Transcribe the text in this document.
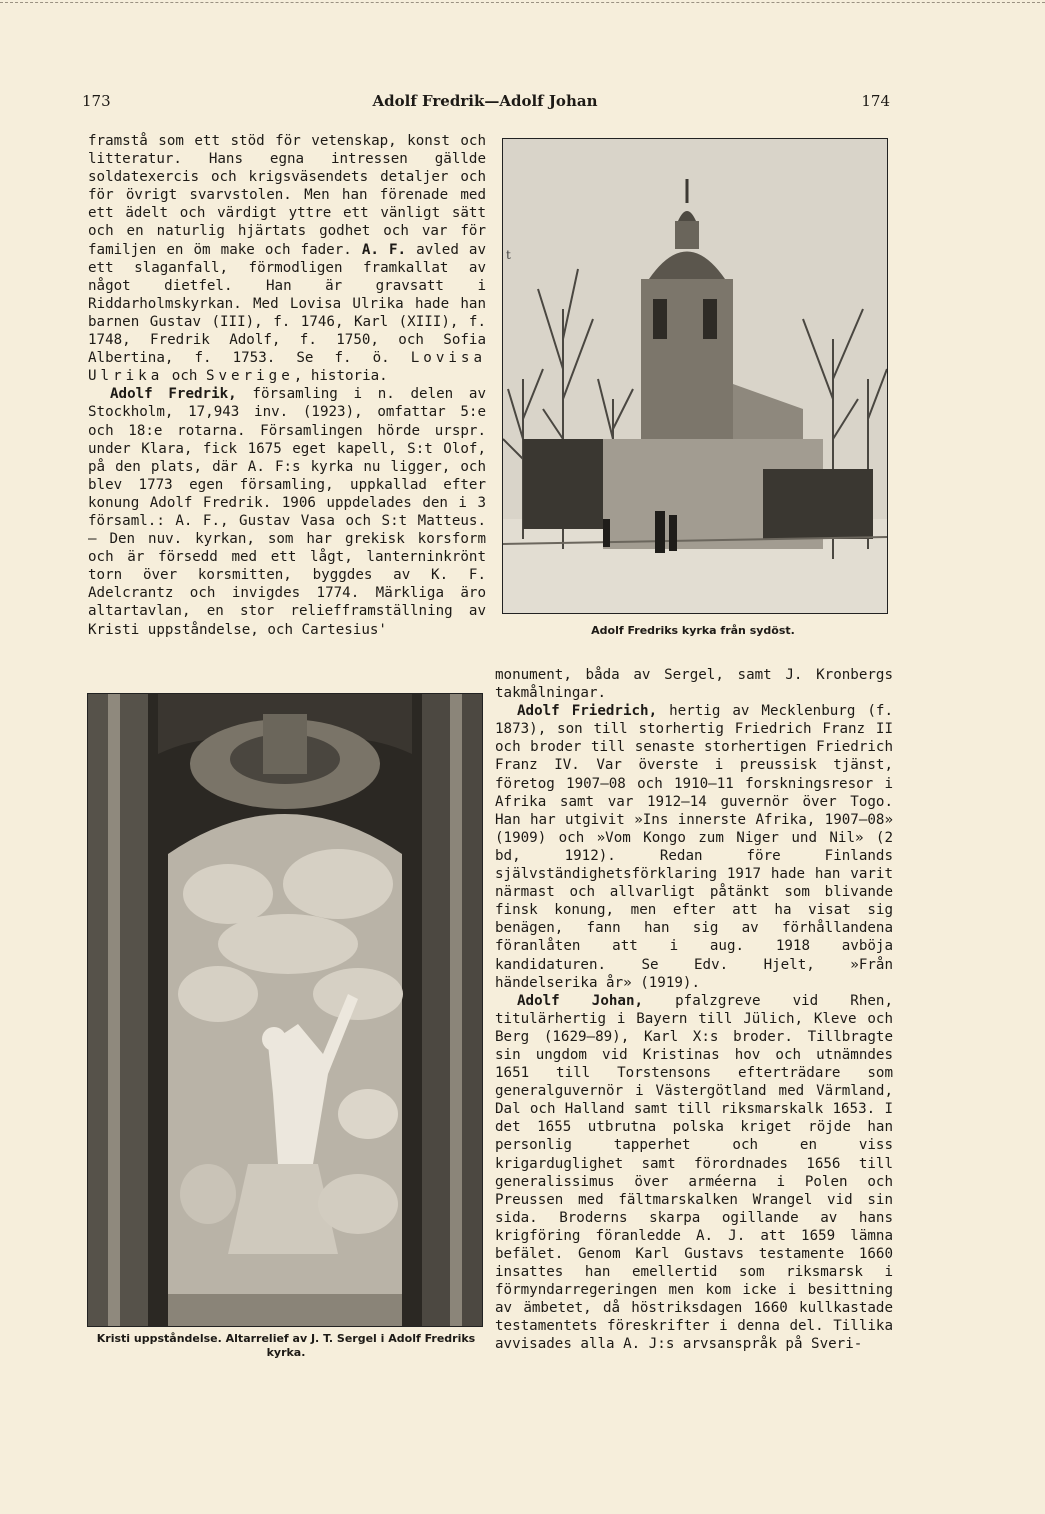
173	Adolf Fredrik—Adolf Johan	174

framstå som ett stöd för vetenskap, konst och litteratur. Hans egna intressen gällde soldatexercis och krigsväsendets detaljer och för övrigt svarvstolen. Men han förenade med ett ädelt och värdigt yttre ett vänligt sätt och en naturlig hjärtats godhet och var för familjen en öm make och fader. A. F. avled av ett slaganfall, förmodligen framkallat av något dietfel. Han är gravsatt i Riddarholmskyrkan. Med Lovisa Ulrika hade han barnen Gustav (III), f. 1746, Karl (XIII), f. 1748, Fredrik Adolf, f. 1750, och Sofia Albertina, f. 1753. Se f. ö. Lovisa Ulrika och Sverige, historia.

Adolf Fredrik, församling i n. delen av Stockholm, 17,943 inv. (1923), omfattar 5:e och 18:e rotarna. Församlingen hörde urspr. under Klara, fick 1675 eget kapell, S:t Olof, på den plats, där A. F:s kyrka nu ligger, och blev 1773 egen församling, uppkallad efter konung Adolf Fredrik. 1906 uppdelades den i 3 församl.: A. F., Gustav Vasa och S:t Matteus. — Den nuv. kyrkan, som har grekisk korsform och är försedd med ett lågt, lanterninkrönt torn över korsmitten, byggdes av K. F. Adelcrantz och invigdes 1774. Märkliga äro altartavlan, en stor reliefframställning av Kristi uppståndelse, och Cartesius'	Adolf Fredriks kyrka från sydöst.
t
Kristi uppståndelse. Altarrelief av J. T. Sergel i Adolf Fredriks kyrka.

monument, båda av Sergel, samt J. Kronbergs takmålningar.

Adolf Friedrich, hertig av Mecklenburg (f. 1873), son till storhertig Friedrich Franz II och broder till senaste storhertigen Friedrich Franz IV. Var överste i preussisk tjänst, företog 1907—08 och 1910—11 forskningsresor i Afrika samt var 1912—14 guvernör över Togo. Han har utgivit »Ins innerste Afrika, 1907—08» (1909) och »Vom Kongo zum Niger und Nil» (2 bd, 1912). Redan före Finlands självständighetsförklaring 1917 hade han varit närmast och allvarligt påtänkt som blivande finsk konung, men efter att ha visat sig benägen, fann han sig av förhållandena föranlåten att i aug. 1918 avböja kandidaturen. Se Edv. Hjelt, »Från händelserika år» (1919).

Adolf Johan, pfalzgreve vid Rhen, titulärhertig i Bayern till Jülich, Kleve och Berg (1629—89), Karl X:s broder. Tillbragte sin ungdom vid Kristinas hov och utnämndes 1651 till Torstensons efterträdare som generalguvernör i Västergötland med Värmland, Dal och Halland samt till riksmarskalk 1653. I det 1655 utbrutna polska kriget röjde han personlig tapperhet och en viss krigarduglighet samt förordnades 1656 till generalissimus över arméerna i Polen och Preussen med fältmarskalken Wrangel vid sin sida. Broderns skarpa ogillande av hans krigföring föranledde A. J. att 1659 lämna befälet. Genom Karl Gustavs testamente 1660 insattes han emellertid som riksmarsk i förmyndarregeringen men kom icke i besittning av ämbetet, då höstriksdagen 1660 kullkastade testamentets föreskrifter i denna del. Tillika avvisades alla A. J:s arvsanspråk på Sveri-
